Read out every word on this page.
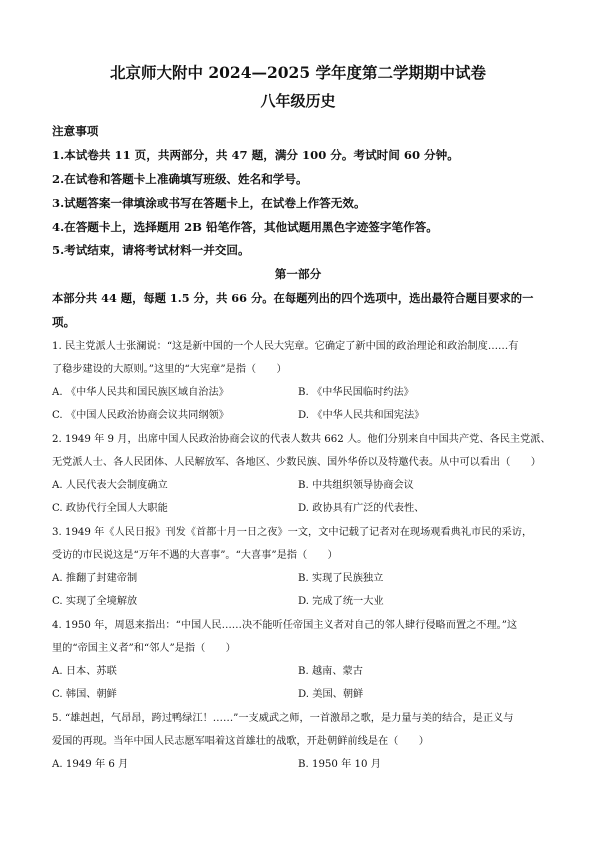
北京师大附中 2024—2025 学年度第二学期期中试卷
八年级历史
注意事项
1.本试卷共 11 页，共两部分，共 47 题，满分 100 分。考试时间 60 分钟。
2.在试卷和答题卡上准确填写班级、姓名和学号。
3.试题答案一律填涂或书写在答题卡上，在试卷上作答无效。
4.在答题卡上，选择题用 2B 铅笔作答，其他试题用黑色字迹签字笔作答。
5.考试结束，请将考试材料一并交回。
第一部分
本部分共 44 题，每题 1.5 分，共 66 分。在每题列出的四个选项中，选出最符合题目要求的一
项。
1. 民主党派人士张澜说：“这是新中国的一个人民大宪章。它确定了新中国的政治理论和政治制度……有
了稳步建设的大原则。”这里的“大宪章”是指（　　）
A. 《中华人民共和国民族区域自治法》	B. 《中华民国临时约法》
C. 《中国人民政治协商会议共同纲领》	D. 《中华人民共和国宪法》
2. 1949 年 9 月，出席中国人民政治协商会议的代表人数共 662 人。他们分别来自中国共产党、各民主党派、
无党派人士、各人民团体、人民解放军、各地区、少数民族、国外华侨以及特邀代表。从中可以看出（　　）
A. 人民代表大会制度确立	B. 中共组织领导协商会议
C. 政协代行全国人大职能	D. 政协具有广泛的代表性、
3. 1949 年《人民日报》刊发《首都十月一日之夜》一文，文中记载了记者对在现场观看典礼市民的采访，
受访的市民说这是“万年不遇的大喜事”。“大喜事”是指（　　）
A. 推翻了封建帝制	B. 实现了民族独立
C. 实现了全境解放	D. 完成了统一大业
4. 1950 年，周恩来指出：“中国人民……决不能听任帝国主义者对自己的邻人肆行侵略而置之不理。”这
里的“帝国主义者”和“邻人”是指（　　）
A. 日本、苏联	B. 越南、蒙古
C. 韩国、朝鲜	D. 美国、朝鲜
5. “雄赳赳，气昂昂，跨过鸭绿江！……”一支威武之师，一首激昂之歌，是力量与美的结合，是正义与
爱国的再现。当年中国人民志愿军唱着这首雄壮的战歌，开赴朝鲜前线是在（　　）
A. 1949 年 6 月	B. 1950 年 10 月
